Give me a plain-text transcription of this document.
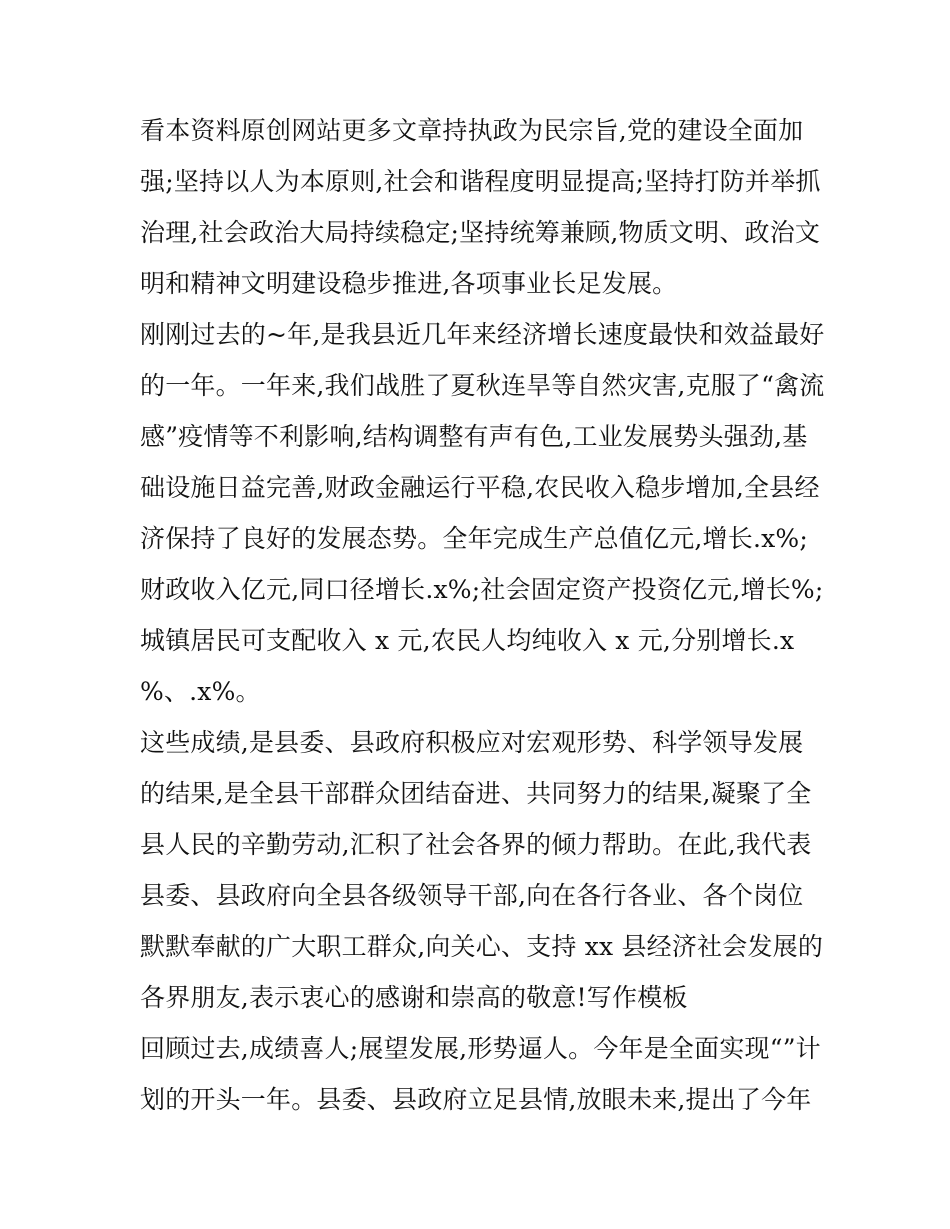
看本资料原创网站更多文章持执政为民宗旨,党的建设全面加
强;坚持以人为本原则,社会和谐程度明显提高;坚持打防并举抓
治理,社会政治大局持续稳定;坚持统筹兼顾,物质文明、政治文
明和精神文明建设稳步推进,各项事业长足发展。
刚刚过去的~年,是我县近几年来经济增长速度最快和效益最好
的一年。一年来,我们战胜了夏秋连旱等自然灾害,克服了“禽流
感”疫情等不利影响,结构调整有声有色,工业发展势头强劲,基
础设施日益完善,财政金融运行平稳,农民收入稳步增加,全县经
济保持了良好的发展态势。全年完成生产总值亿元,增长.x%;
财政收入亿元,同口径增长.x%;社会固定资产投资亿元,增长%;
城镇居民可支配收入 x 元,农民人均纯收入 x 元,分别增长.x
%、.x%。
这些成绩,是县委、县政府积极应对宏观形势、科学领导发展
的结果,是全县干部群众团结奋进、共同努力的结果,凝聚了全
县人民的辛勤劳动,汇积了社会各界的倾力帮助。在此,我代表
县委、县政府向全县各级领导干部,向在各行各业、各个岗位
默默奉献的广大职工群众,向关心、支持 xx 县经济社会发展的
各界朋友,表示衷心的感谢和崇高的敬意!写作模板
回顾过去,成绩喜人;展望发展,形势逼人。今年是全面实现“”计
划的开头一年。县委、县政府立足县情,放眼未来,提出了今年
